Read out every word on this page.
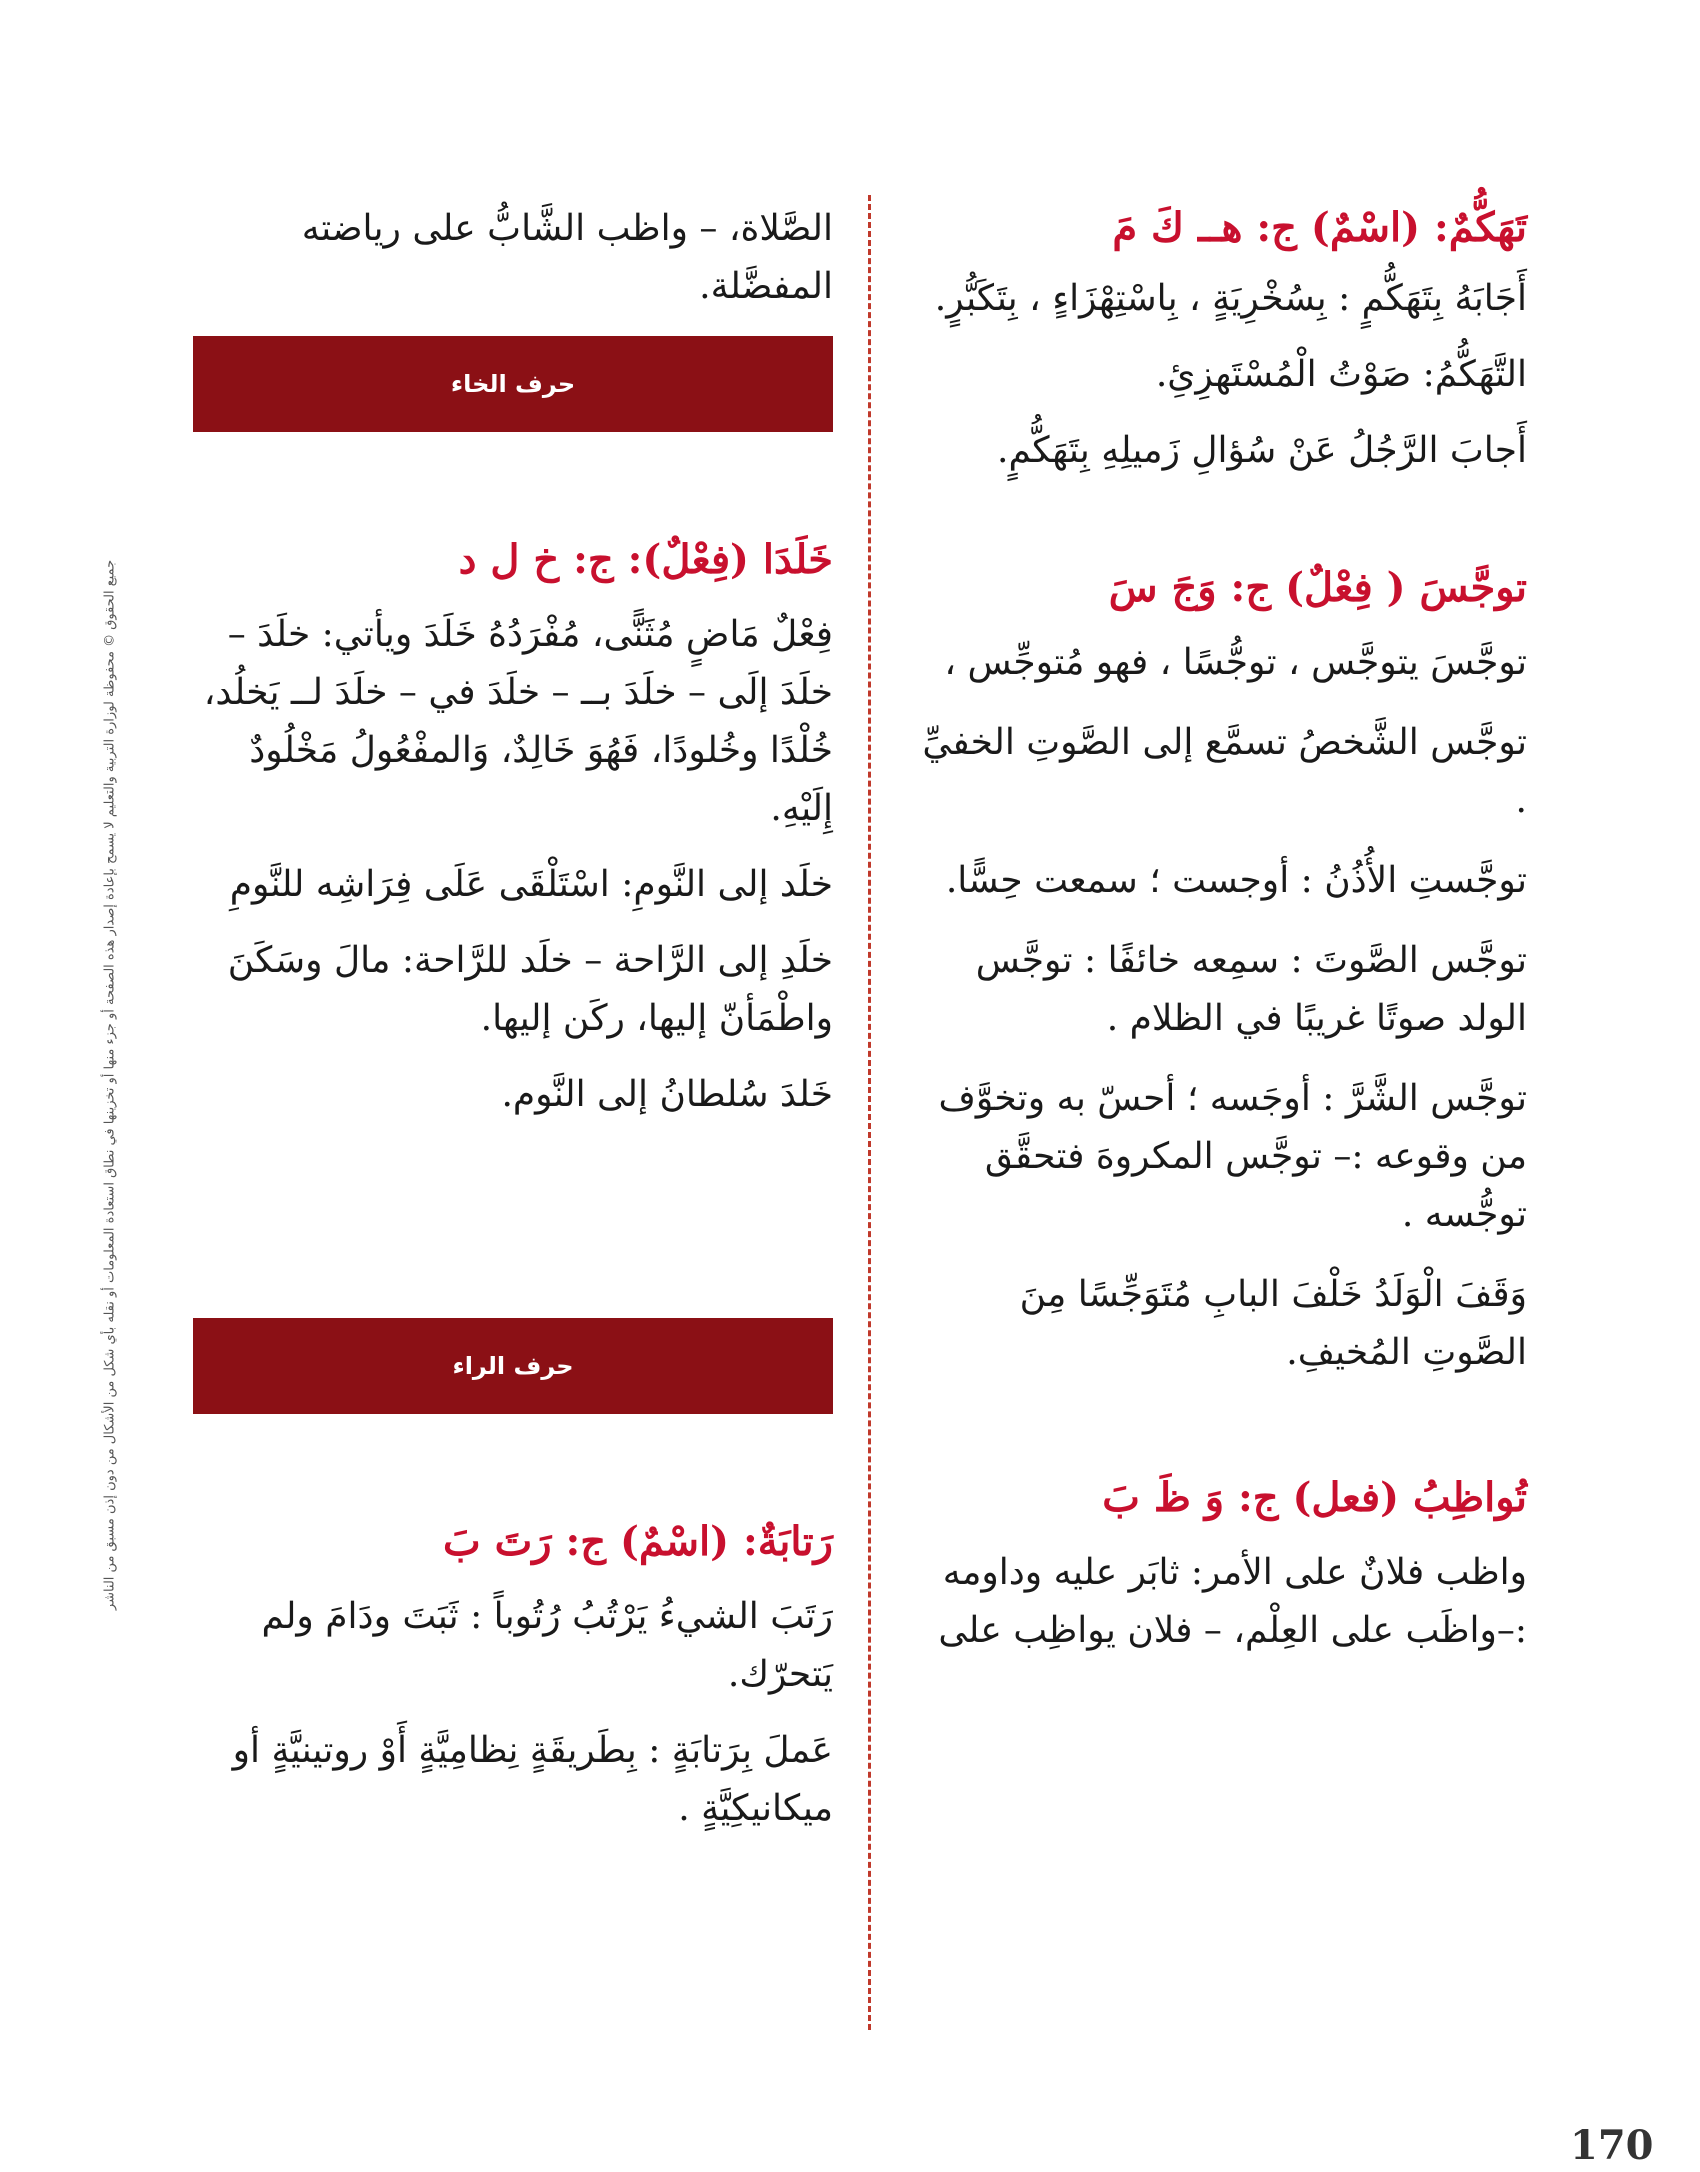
جميع الحقوق © محفوظة لوزارة التربية والتعليم لا يسمح بإعادة إصدار هذه الصفحة أو جزء منها أو تخزينها في نطاق استعادة المعلومات أو نقله بأي شكل من الأشكال من دون إذن مسبق من الناشر
تَهَكُّمٌ: (اسْمٌ) ج: هــ كَ مَ

أَجَابَهُ بِتَهَكُّمٍ : بِسُخْرِيَةٍ ، بِاسْتِهْزَاءٍ ، بِتَكَبُّرٍ.

التَّهَكُّمُ: صَوْتُ الْمُسْتَهزِئِ.

أَجابَ الرَّجُلُ عَنْ سُؤالِ زَميلِهِ بِتَهَكُّمٍ.

توجَّسَ ( فِعْلٌ) ج: وَجَ سَ

توجَّسَ يتوجَّس ، توجُّسًا ، فهو مُتوجِّس ،

توجَّس الشَّخصُ تسمَّع إلى الصَّوتِ الخفيِّ .

توجَّستِ الأُذُنُ : أوجست ؛ سمعت حِسًّا.

توجَّس الصَّوتَ : سمِعه خائفًا : توجَّس الولد صوتًا غريبًا في الظلام .

توجَّس الشَّرَّ : أوجَسه ؛ أحسّ به وتخوَّف من وقوعه :– توجَّس المكروهَ فتحقَّق توجُّسه .

وَقَفَ الْوَلَدُ خَلْفَ البابِ مُتَوَجِّسًا مِنَ الصَّوتِ المُخيفِ.

تُواظِبُ (فعل) ج: وَ ظَ بَ

واظب فلانٌ على الأمر: ثابَر عليه وداومه :–واظَب على العِلْم، – فلان يواظِب على

الصَّلاة، – واظب الشَّابُّ على رياضته المفضَّلة.

حرف الخاء
خَلَدَا (فِعْلٌ): ج: خ ل د

فِعْلٌ مَاضٍ مُثَنًّى، مُفْرَدُهُ خَلَدَ ويأتي: خلَدَ –خلَدَ إلَى – خلَدَ بــ – خلَدَ في – خلَدَ لــ يَخلُد، خُلْدًا وخُلودًا، فَهُوَ خَالِدٌ، وَالمفْعُولُ مَخْلُودٌ إِلَيْهِ.

خلَد إلى النَّومِ: اسْتَلْقَى عَلَى فِرَاشِه للنَّومِ

خلَدِ إلى الرَّاحة – خلَد للرَّاحة: مالَ وسَكَنَ واطْمَأنّ إليها، ركَن إليها.

خَلدَ سُلطانُ إلى النَّوم.

حرف الراء
رَتابَةٌ: (اسْمٌ) ج: رَتَ بَ

رَتَبَ الشيءُ يَرْتُبُ رُتُوباً : ثَبَتَ ودَامَ ولم يَتحرّك.

عَملَ بِرَتابَةٍ : بِطَريقَةٍ نِظامِيَّةٍ أَوْ روتينيَّةٍ أو ميكانيكِيَّةٍ .

170
